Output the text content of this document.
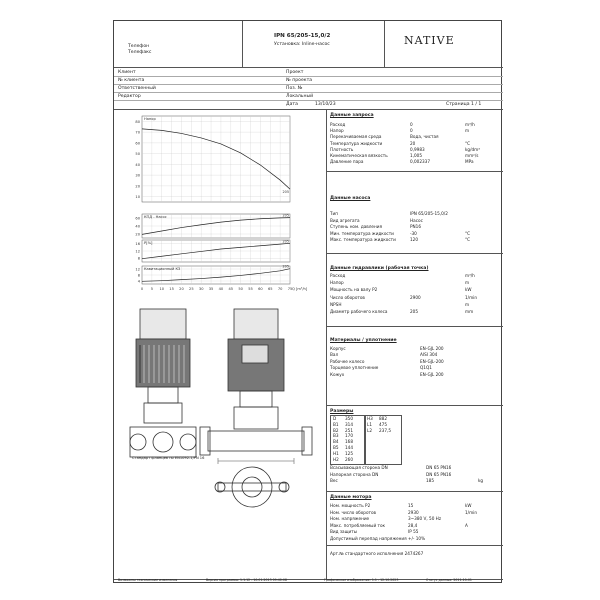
Телефон
Телефакс
IPN 65/205-15,0/2
Установка: Inline-насос	NATIVE
Клиент
№ клиента
Ответственный
Редактор
Проект
№ проекта
Поз. №
Локальный
Дата	13/10/23	Страница 1 / 1
80
70
60
50
40
30
20
10
Напор
205
60
40
20
КПД - Насос	205
16
12
8
P[%]	205
12
8
4
Кавитационный КЗ
205
0 5 10 15 20 25 30 35 40 45 50 55 60 65 70 75 Q [m³/h]
Стандарт фланцев по EN1092-1/PN 16
Данные запроса
Расход	0	m³/h
Напор	0	m
Перекачиваемая среда	Вода, чистая
Температура жидкости	20	°C
Плотность	0,9983	kg/dm³
Кинематическая вязкость	1,005	mm²/s
Давление пара	0,002337	MPa
Данные насоса
Тип	IPN 65/205-15,0/2
Вид агрегата	Насос
Ступень ном. давления	PN16
Мин. температура жидкости	-30	°C
Макс. температура жидкости	120	°C
Данные гидравлики (рабочая точка)
Расход	m³/h
Напор	m
Мощность на валу P2	kW
Число оборотов	2900	1/min
NPSH	m
Диаметр рабочего колеса	205	mm
Материалы / уплотнение
Корпус	EN-GJL 200
Вал	AISI 304
Рабочее колесо	EN-GJL-200
Торцевое уплотнение	Q1Q1
Кожух	EN-GJL 200
Размеры
D 350
B1 314
B2 251
B3 170
B4 168
B5 144
H1 125
H2 260
H3 882
L1 475
L2 237,5
Всасывающая сторона DN	DN 65 PN16
Напорная сторона DN	DN 65 PN16
Вес	185	kg
Данные мотора
Ном. мощность P2	15	kW
Ном. число оборотов	2930	1/min
Ном. напряжение	3~380 V, 50 Hz
Макс. потребляемый ток	28,4	A
Вид защиты	IP 55
Допустимый перепад напряжения +/- 10%
Арт.№ стандартного исполнения 2474267
Возможны технические изменения	Версия программы: 1.1.12 - 10.01.2013 09:40:08	Графическое изображение: 1.1 - 12.10.2023	Статус данных: 2011-10-01
